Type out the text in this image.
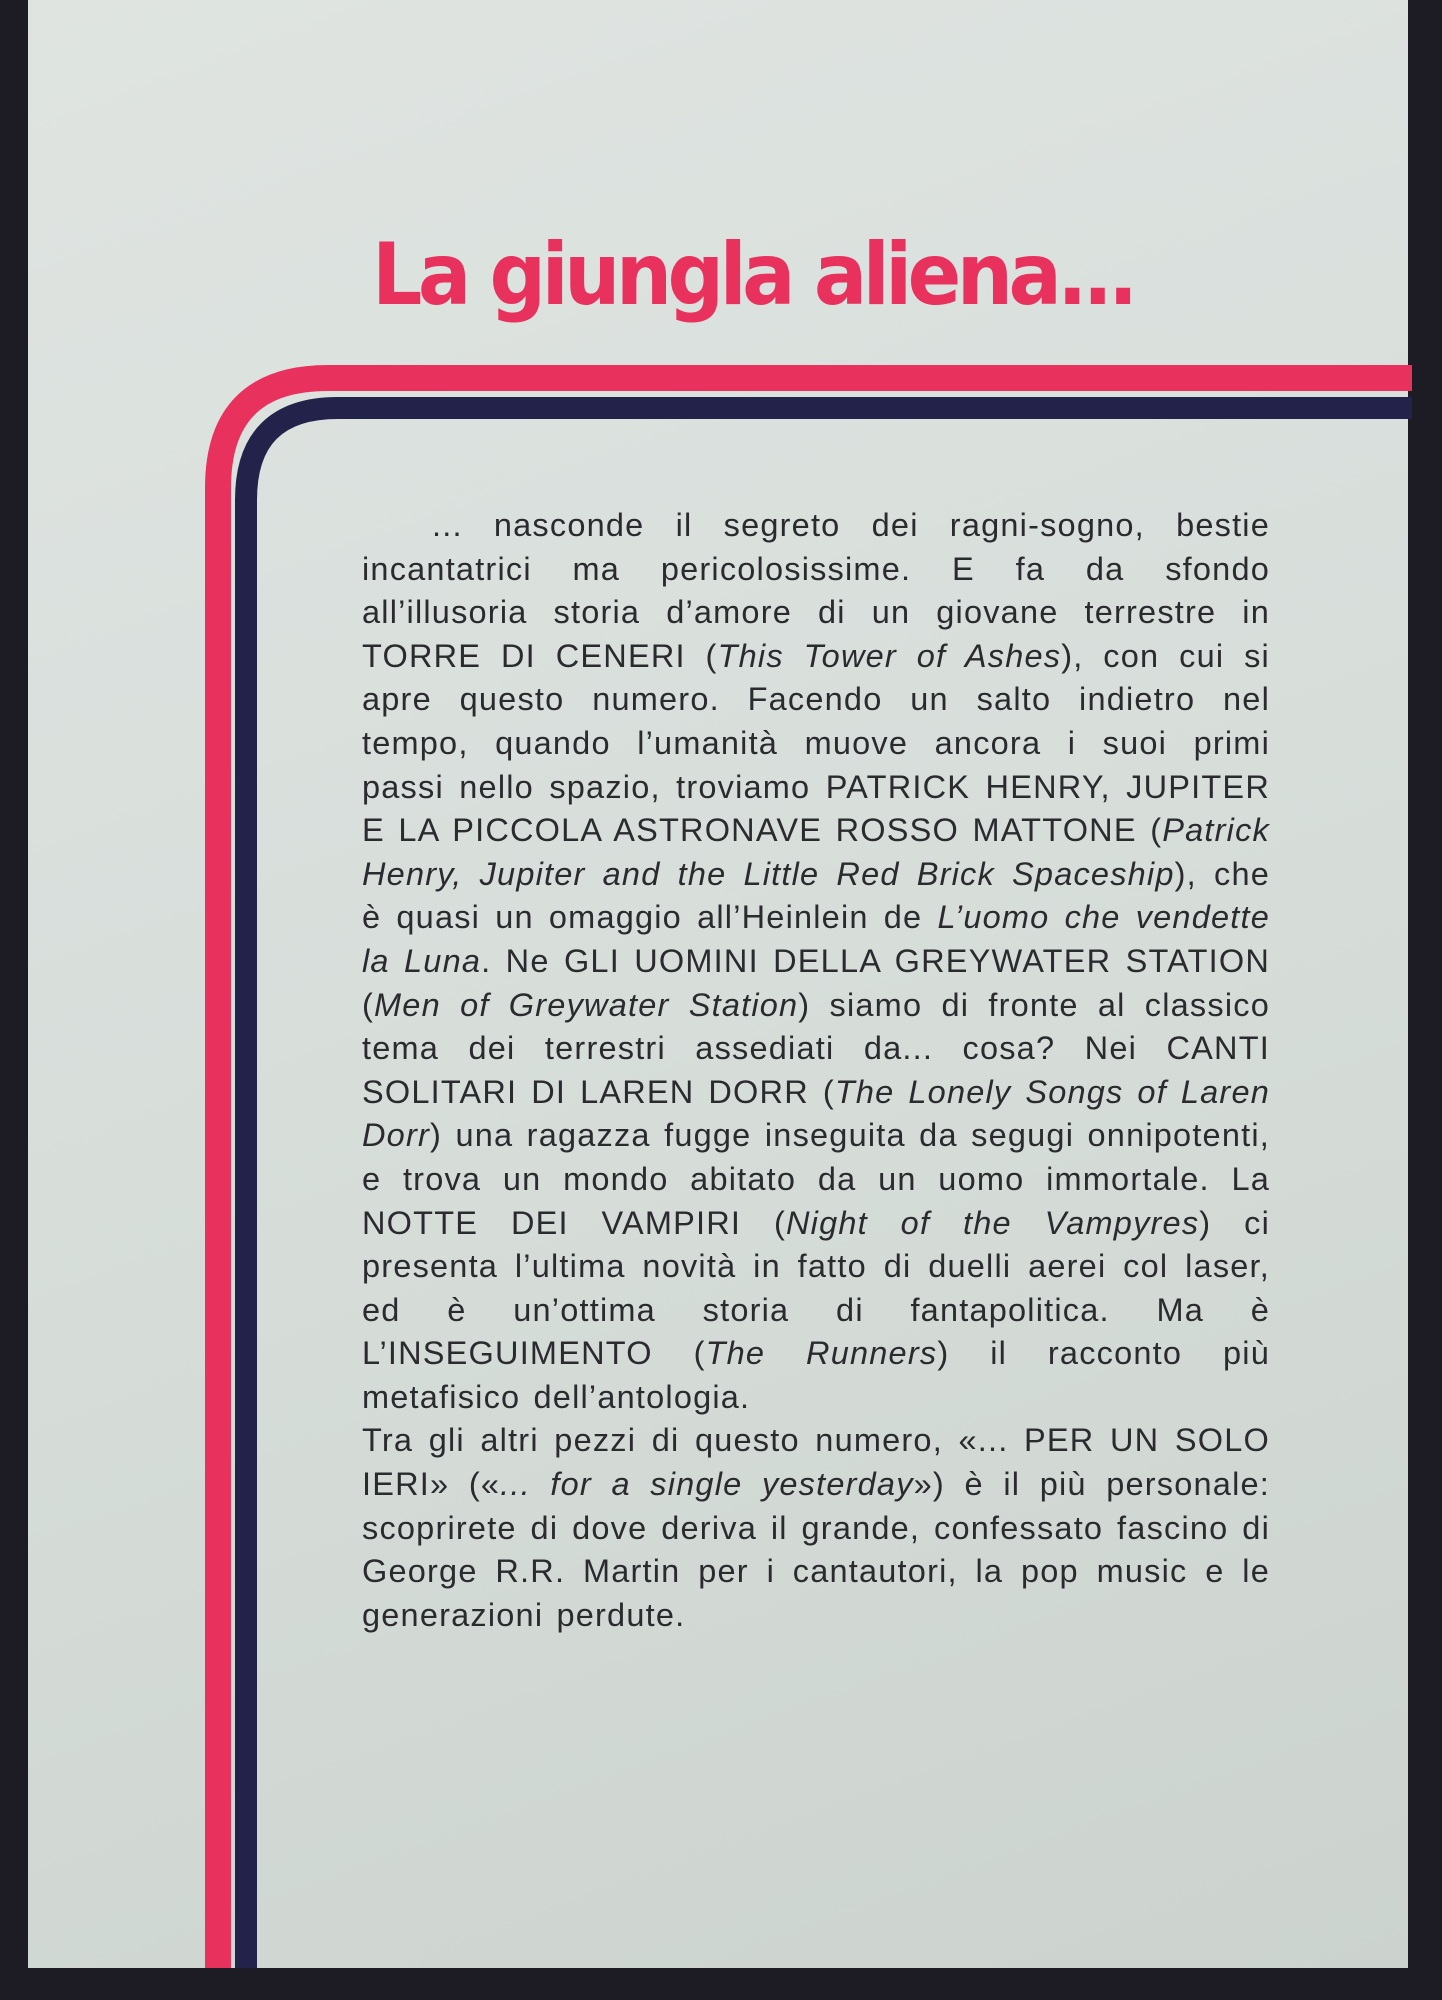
La giungla aliena...

... nasconde il segreto dei ragni-sogno, bestie incantatrici ma pericolosissime. E fa da sfondo all’illusoria storia d’amore di un giovane terrestre in TORRE DI CENERI (This Tower of Ashes), con cui si apre questo numero. Facendo un salto indietro nel tempo, quando l’umanità muove ancora i suoi primi passi nello spazio, troviamo PATRICK HENRY, JUPITER E LA PICCOLA ASTRONAVE ROSSO MATTONE (Patrick Henry, Jupiter and the Little Red Brick Spaceship), che è quasi un omaggio all’Heinlein de L’uomo che vendette la Luna. Ne GLI UOMINI DELLA GREYWATER STATION (Men of Greywater Station) siamo di fronte al classico tema dei terrestri assediati da... cosa? Nei CANTI SOLITARI DI LAREN DORR (The Lonely Songs of Laren Dorr) una ragazza fugge inseguita da segugi onnipotenti, e trova un mondo abitato da un uomo immortale. La NOTTE DEI VAMPIRI (Night of the Vampyres) ci presenta l’ultima novità in fatto di duelli aerei col laser, ed è un’ottima storia di fantapolitica. Ma è L’INSEGUIMENTO (The Runners) il racconto più metafisico dell’antologia.

Tra gli altri pezzi di questo numero, «... PER UN SOLO IERI» («... for a single yesterday») è il più personale: scoprirete di dove deriva il grande, confessato fascino di George R.R. Martin per i cantautori, la pop music e le generazioni perdute.
